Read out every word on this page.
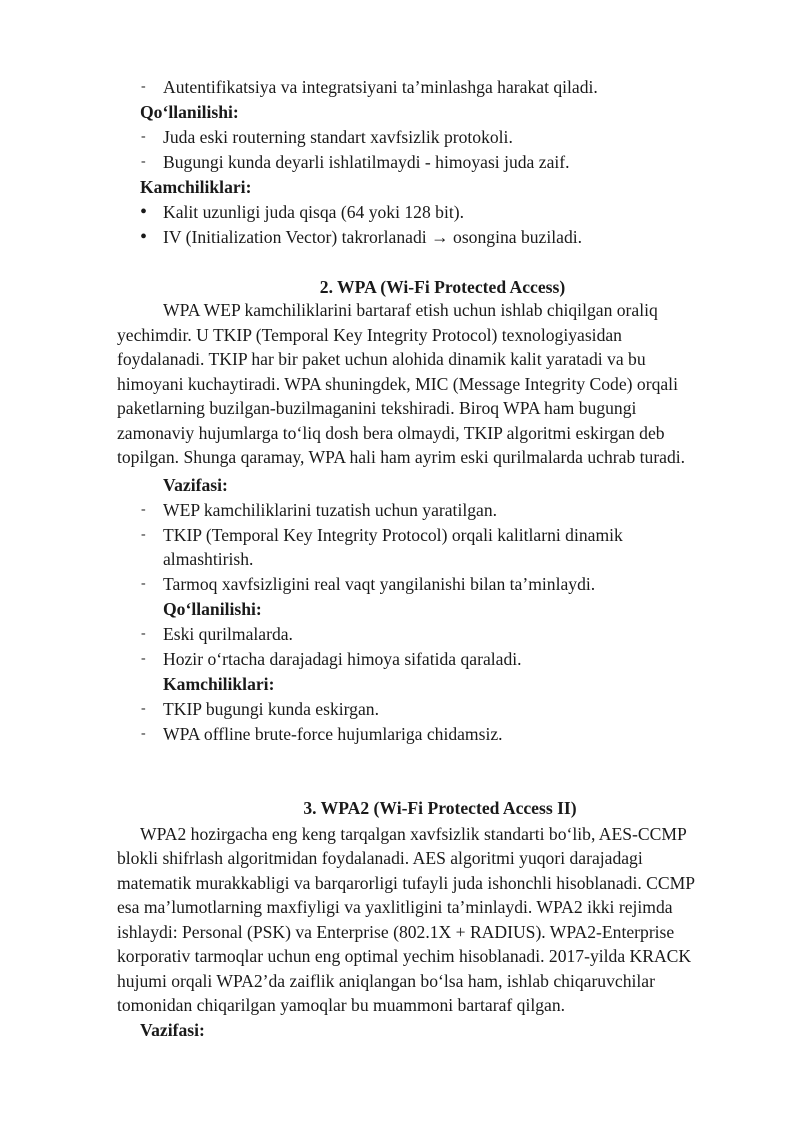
- Autentifikatsiya va integratsiyani ta’minlashga harakat qiladi.
Qo‘llanilishi:
- Juda eski routerning standart xavfsizlik protokoli.
- Bugungi kunda deyarli ishlatilmaydi - himoyasi juda zaif.
Kamchiliklari:
• Kalit uzunligi juda qisqa (64 yoki 128 bit).
• IV (Initialization Vector) takrorlanadi → osongina buziladi.
2. WPA (Wi-Fi Protected Access)
WPA WEP kamchiliklarini bartaraf etish uchun ishlab chiqilgan oraliq
yechimdir. U TKIP (Temporal Key Integrity Protocol) texnologiyasidan
foydalanadi. TKIP har bir paket uchun alohida dinamik kalit yaratadi va bu
himoyani kuchaytiradi. WPA shuningdek, MIC (Message Integrity Code) orqali
paketlarning buzilgan-buzilmaganini tekshiradi. Biroq WPA ham bugungi
zamonaviy hujumlarga to‘liq dosh bera olmaydi, TKIP algoritmi eskirgan deb
topilgan. Shunga qaramay, WPA hali ham ayrim eski qurilmalarda uchrab turadi.
Vazifasi:
- WEP kamchiliklarini tuzatish uchun yaratilgan.
- TKIP (Temporal Key Integrity Protocol) orqali kalitlarni dinamik
almashtirish.
- Tarmoq xavfsizligini real vaqt yangilanishi bilan ta’minlaydi.
Qo‘llanilishi:
- Eski qurilmalarda.
- Hozir o‘rtacha darajadagi himoya sifatida qaraladi.
Kamchiliklari:
- TKIP bugungi kunda eskirgan.
- WPA offline brute-force hujumlariga chidamsiz.
3. WPA2 (Wi-Fi Protected Access II)
WPA2 hozirgacha eng keng tarqalgan xavfsizlik standarti bo‘lib, AES-CCMP
blokli shifrlash algoritmidan foydalanadi. AES algoritmi yuqori darajadagi
matematik murakkabligi va barqarorligi tufayli juda ishonchli hisoblanadi. CCMP
esa ma’lumotlarning maxfiyligi va yaxlitligini ta’minlaydi. WPA2 ikki rejimda
ishlaydi: Personal (PSK) va Enterprise (802.1X + RADIUS). WPA2-Enterprise
korporativ tarmoqlar uchun eng optimal yechim hisoblanadi. 2017-yilda KRACK
hujumi orqali WPA2’da zaiflik aniqlangan bo‘lsa ham, ishlab chiqaruvchilar
tomonidan chiqarilgan yamoqlar bu muammoni bartaraf qilgan.
Vazifasi:
